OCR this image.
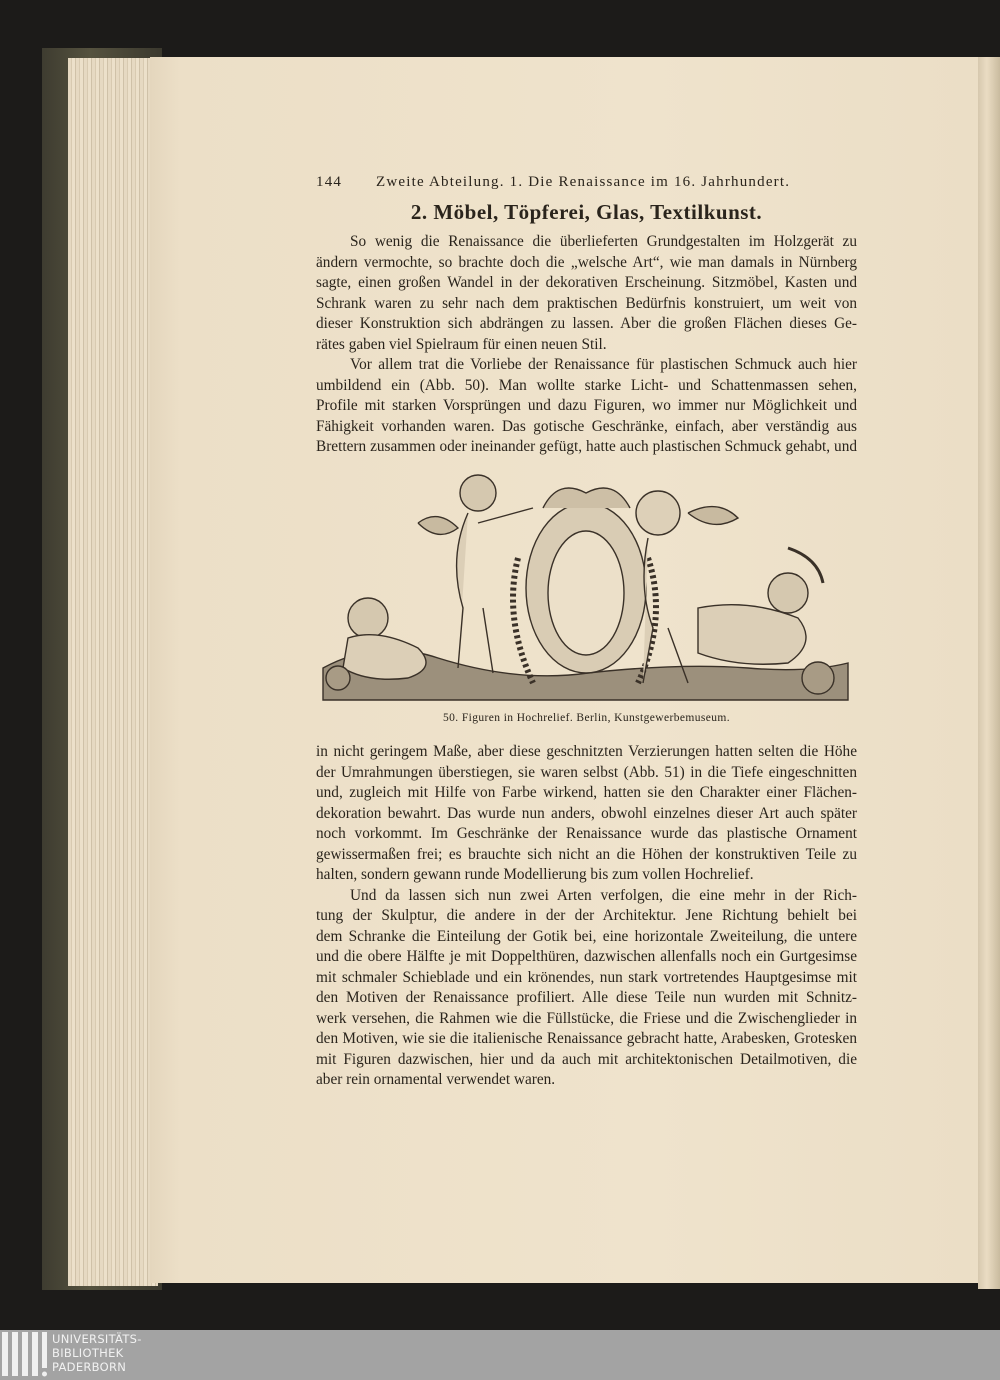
144 Zweite Abteilung. 1. Die Renaissance im 16. Jahrhundert.
2. Möbel, Töpferei, Glas, Textilkunst.
So wenig die Renaissance die überlieferten Grundgestalten im Holzgerät zu
ändern vermochte, so brachte doch die „welsche Art“, wie man damals in Nürnberg
sagte, einen großen Wandel in der dekorativen Erscheinung. Sitzmöbel, Kasten und
Schrank waren zu sehr nach dem praktischen Bedürfnis konstruiert, um weit von
dieser Konstruktion sich abdrängen zu lassen. Aber die großen Flächen dieses Ge-
rätes gaben viel Spielraum für einen neuen Stil.
Vor allem trat die Vorliebe der Renaissance für plastischen Schmuck auch hier
umbildend ein (Abb. 50). Man wollte starke Licht- und Schattenmassen sehen,
Profile mit starken Vorsprüngen und dazu Figuren, wo immer nur Möglichkeit und
Fähigkeit vorhanden waren. Das gotische Geschränke, einfach, aber verständig aus
Brettern zusammen oder ineinander gefügt, hatte auch plastischen Schmuck gehabt, und
50. Figuren in Hochrelief. Berlin, Kunstgewerbemuseum.
in nicht geringem Maße, aber diese geschnitzten Verzierungen hatten selten die Höhe
der Umrahmungen überstiegen, sie waren selbst (Abb. 51) in die Tiefe eingeschnitten
und, zugleich mit Hilfe von Farbe wirkend, hatten sie den Charakter einer Flächen-
dekoration bewahrt. Das wurde nun anders, obwohl einzelnes dieser Art auch später
noch vorkommt. Im Geschränke der Renaissance wurde das plastische Ornament
gewissermaßen frei; es brauchte sich nicht an die Höhen der konstruktiven Teile zu
halten, sondern gewann runde Modellierung bis zum vollen Hochrelief.
Und da lassen sich nun zwei Arten verfolgen, die eine mehr in der Rich-
tung der Skulptur, die andere in der der Architektur. Jene Richtung behielt bei
dem Schranke die Einteilung der Gotik bei, eine horizontale Zweiteilung, die untere
und die obere Hälfte je mit Doppelthüren, dazwischen allenfalls noch ein Gurtgesimse
mit schmaler Schieblade und ein krönendes, nun stark vortretendes Hauptgesimse mit
den Motiven der Renaissance profiliert. Alle diese Teile nun wurden mit Schnitz-
werk versehen, die Rahmen wie die Füllstücke, die Friese und die Zwischenglieder in
den Motiven, wie sie die italienische Renaissance gebracht hatte, Arabesken, Grotesken
mit Figuren dazwischen, hier und da auch mit architektonischen Detailmotiven, die
aber rein ornamental verwendet waren.
UNIVERSITÄTS-
BIBLIOTHEK
PADERBORN
